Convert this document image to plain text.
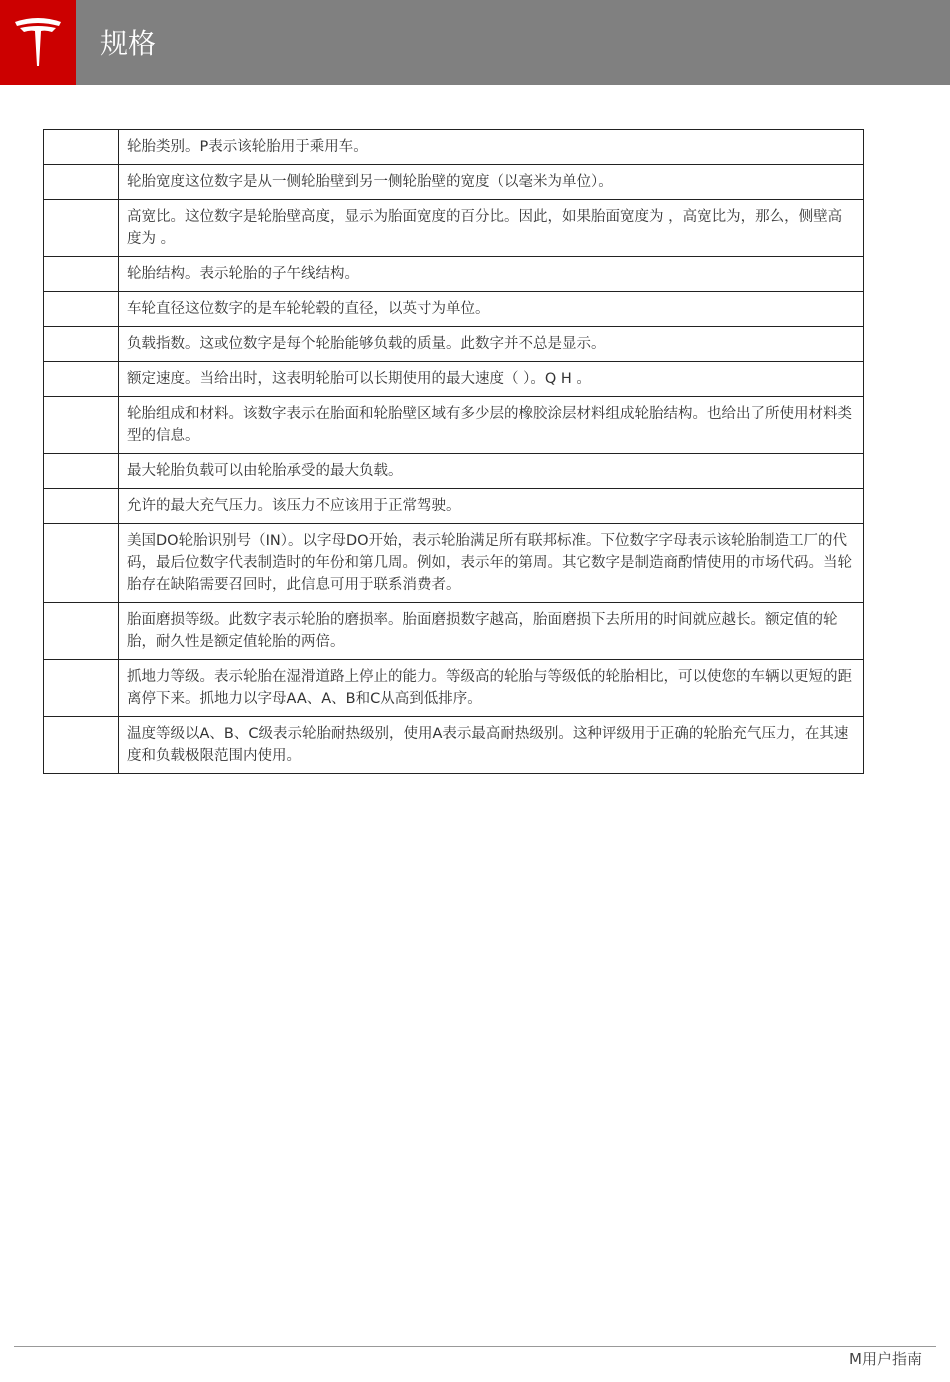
规格
	轮胎类别。P表示该轮胎用于乘用车。
	轮胎宽度这位数字是从一侧轮胎壁到另一侧轮胎壁的宽度（以毫米为单位）。
	高宽比。这位数字是轮胎壁高度，显示为胎面宽度的百分比。因此，如果胎面宽度为 ，高宽比为，那么，侧壁高度为 。
	轮胎结构。表示轮胎的子午线结构。
	车轮直径这位数字的是车轮轮毂的直径，以英寸为单位。
	负载指数。这或位数字是每个轮胎能够负载的质量。此数字并不总是显示。
	额定速度。当给出时，这表明轮胎可以长期使用的最大速度（ ）。Q H 。
	轮胎组成和材料。该数字表示在胎面和轮胎壁区域有多少层的橡胶涂层材料组成轮胎结构。也给出了所使用材料类型的信息。
	最大轮胎负载可以由轮胎承受的最大负载。
	允许的最大充气压力。该压力不应该用于正常驾驶。
	美国DO轮胎识别号（IN）。以字母DO开始，表示轮胎满足所有联邦标准。下位数字字母表示该轮胎制造工厂的代码，最后位数字代表制造时的年份和第几周。例如，表示年的第周。其它数字是制造商酌情使用的市场代码。当轮胎存在缺陷需要召回时，此信息可用于联系消费者。
	胎面磨损等级。此数字表示轮胎的磨损率。胎面磨损数字越高，胎面磨损下去所用的时间就应越长。额定值的轮胎，耐久性是额定值轮胎的两倍。
	抓地力等级。表示轮胎在湿滑道路上停止的能力。等级高的轮胎与等级低的轮胎相比，可以使您的车辆以更短的距离停下来。抓地力以字母AA、A、B和C从高到低排序。
	温度等级以A、B、C级表示轮胎耐热级别，使用A表示最高耐热级别。这种评级用于正确的轮胎充气压力，在其速度和负载极限范围内使用。
M用户指南
